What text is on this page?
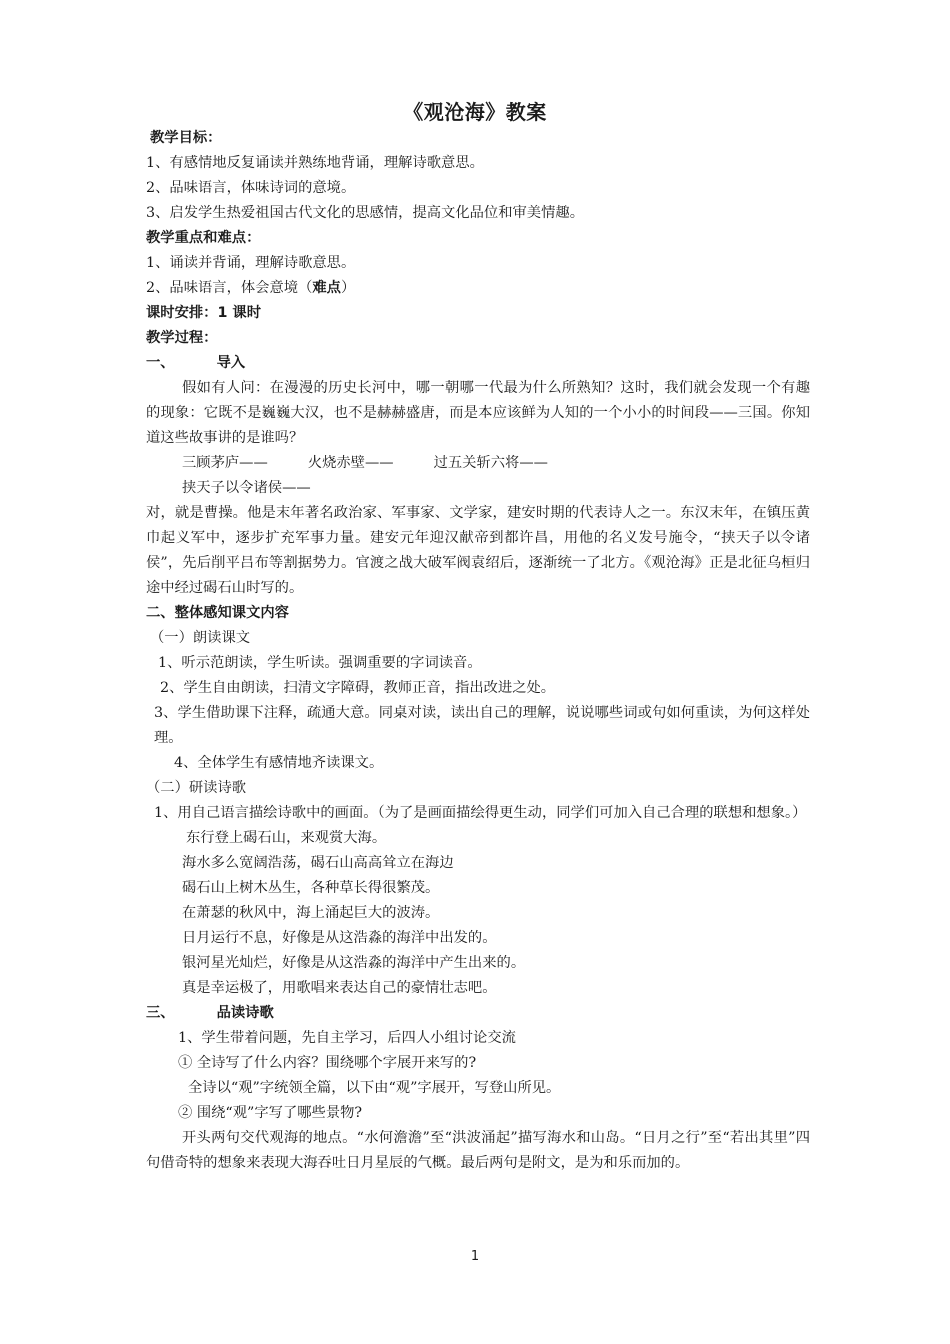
《观沧海》教案
教学目标：
1、有感情地反复诵读并熟练地背诵，理解诗歌意思。
2、品味语言，体味诗词的意境。
3、启发学生热爱祖国古代文化的思感情，提高文化品位和审美情趣。
教学重点和难点：
1、诵读并背诵，理解诗歌意思。
2、品味语言，体会意境（难点）
课时安排：1 课时
教学过程：
一、	导入
假如有人问：在漫漫的历史长河中，哪一朝哪一代最为什么所熟知？这时，我们就会发现一个有趣的现象：它既不是巍巍大汉，也不是赫赫盛唐，而是本应该鲜为人知的一个小小的时间段——三国。你知道这些故事讲的是谁吗？
三顾茅庐——	火烧赤壁——	过五关斩六将——
挟天子以令诸侯——
对，就是曹操。他是末年著名政治家、军事家、文学家，建安时期的代表诗人之一。东汉末年，在镇压黄巾起义军中，逐步扩充军事力量。建安元年迎汉献帝到都许昌，用他的名义发号施令，“挟天子以令诸侯”，先后削平吕布等割据势力。官渡之战大破军阀袁绍后，逐渐统一了北方。《观沧海》正是北征乌桓归途中经过碣石山时写的。
二、整体感知课文内容
（一）朗读课文
1、听示范朗读，学生听读。强调重要的字词读音。
2、学生自由朗读，扫清文字障碍，教师正音，指出改进之处。
3、学生借助课下注释，疏通大意。同桌对读，读出自己的理解，说说哪些词或句如何重读，为何这样处理。
4、全体学生有感情地齐读课文。
（二）研读诗歌
1、用自己语言描绘诗歌中的画面。（为了是画面描绘得更生动，同学们可加入自己合理的联想和想象。）
东行登上碣石山，来观赏大海。
海水多么宽阔浩荡，碣石山高高耸立在海边
碣石山上树木丛生，各种草长得很繁茂。
在萧瑟的秋风中，海上涌起巨大的波涛。
日月运行不息，好像是从这浩淼的海洋中出发的。
银河星光灿烂，好像是从这浩淼的海洋中产生出来的。
真是幸运极了，用歌唱来表达自己的豪情壮志吧。
三、	品读诗歌
1、学生带着问题，先自主学习，后四人小组讨论交流
① 全诗写了什么内容？围绕哪个字展开来写的?
全诗以“观”字统领全篇，以下由“观”字展开，写登山所见。
② 围绕“观”字写了哪些景物?
开头两句交代观海的地点。“水何澹澹”至“洪波涌起”描写海水和山岛。“日月之行”至“若出其里”四句借奇特的想象来表现大海吞吐日月星辰的气概。最后两句是附文，是为和乐而加的。
1
